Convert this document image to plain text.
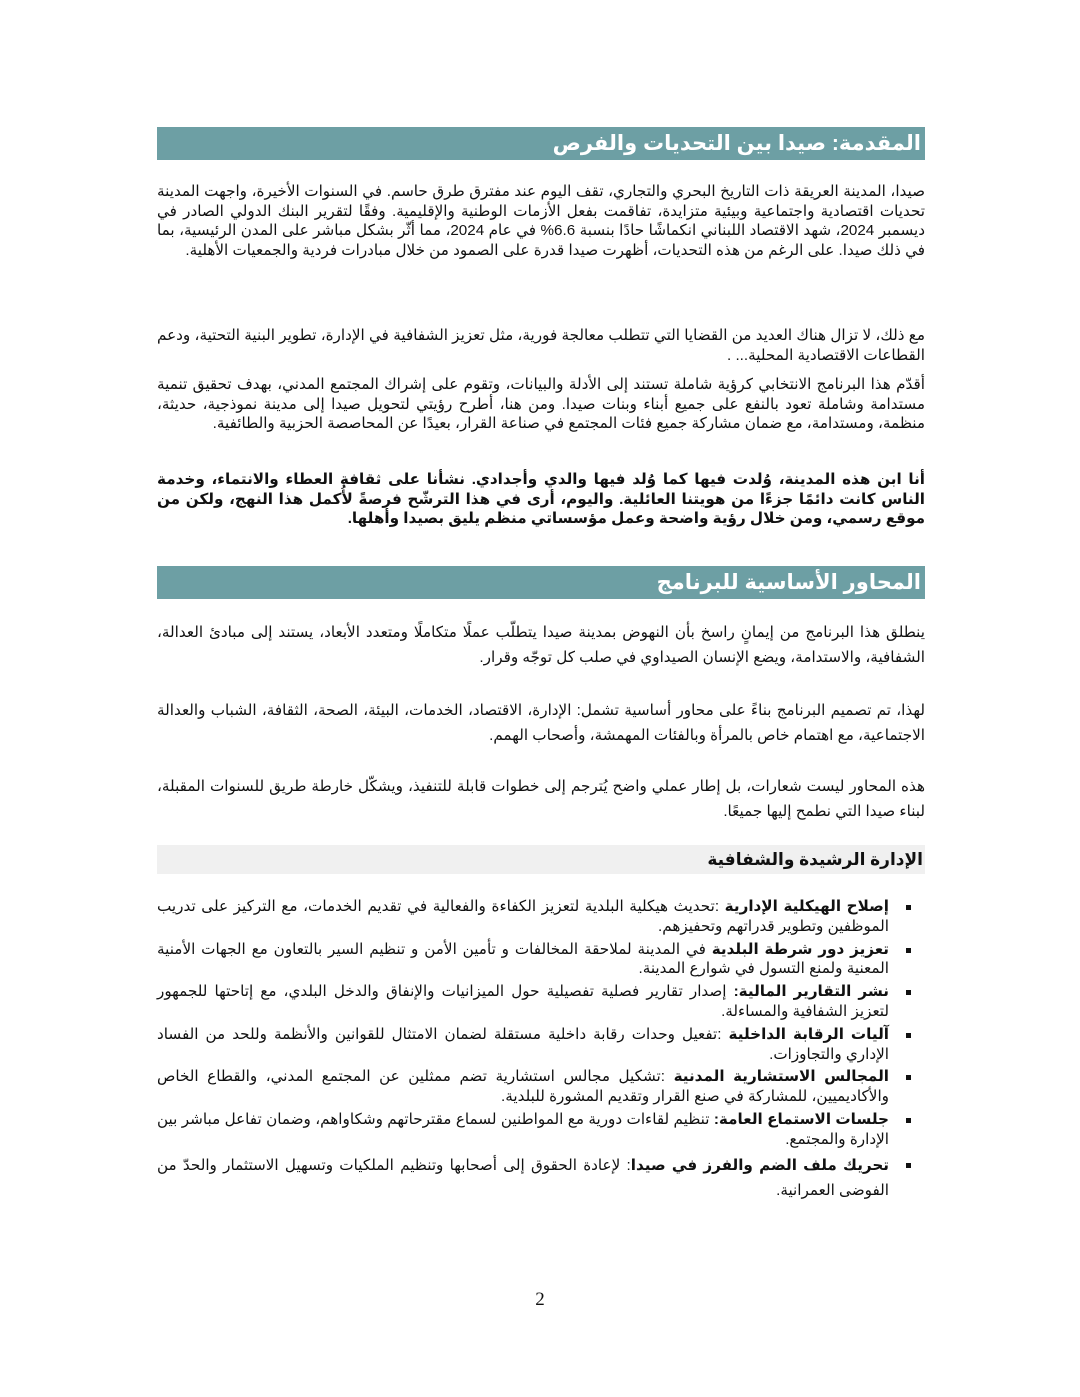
المقدمة: صيدا بين التحديات والفرص

صيدا، المدينة العريقة ذات التاريخ البحري والتجاري، تقف اليوم عند مفترق طرق حاسم. في السنوات الأخيرة، واجهت المدينة تحديات اقتصادية واجتماعية وبيئية متزايدة، تفاقمت بفعل الأزمات الوطنية والإقليمية. وفقًا لتقرير البنك الدولي الصادر في ديسمبر 2024، شهد الاقتصاد اللبناني انكماشًا حادًا بنسبة 6.6% في عام 2024، مما أثّر بشكل مباشر على المدن الرئيسية، بما في ذلك صيدا. على الرغم من هذه التحديات، أظهرت صيدا قدرة على الصمود من خلال مبادرات فردية والجمعيات الأهلية.

مع ذلك، لا تزال هناك العديد من القضايا التي تتطلب معالجة فورية، مثل تعزيز الشفافية في الإدارة، تطوير البنية التحتية، ودعم القطاعات الاقتصادية المحلية... .

أقدّم هذا البرنامج الانتخابي كرؤية شاملة تستند إلى الأدلة والبيانات، وتقوم على إشراك المجتمع المدني، بهدف تحقيق تنمية مستدامة وشاملة تعود بالنفع على جميع أبناء وبنات صيدا. ومن هنا، أطرح رؤيتي لتحويل صيدا إلى مدينة نموذجية، حديثة، منظمة، ومستدامة، مع ضمان مشاركة جميع فئات المجتمع في صناعة القرار، بعيدًا عن المحاصصة الحزبية والطائفية.

أنا ابن هذه المدينة، وُلدت فيها كما وُلد فيها والدي وأجدادي. نشأنا على ثقافة العطاء والانتماء، وخدمة الناس كانت دائمًا جزءًا من هويتنا العائلية. واليوم، أرى في هذا الترشّح فرصةً لأُكمل هذا النهج، ولكن من موقع رسمي، ومن خلال رؤية واضحة وعمل مؤسساتي منظم يليق بصيدا وأهلها.

المحاور الأساسية للبرنامج

ينطلق هذا البرنامج من إيمانٍ راسخ بأن النهوض بمدينة صيدا يتطلّب عملًا متكاملًا ومتعدد الأبعاد، يستند إلى مبادئ العدالة، الشفافية، والاستدامة، ويضع الإنسان الصيداوي في صلب كل توجّه وقرار.

لهذا، تم تصميم البرنامج بناءً على محاور أساسية تشمل: الإدارة، الاقتصاد، الخدمات، البيئة، الصحة، الثقافة، الشباب والعدالة الاجتماعية، مع اهتمام خاص بالمرأة وبالفئات المهمشة، وأصحاب الهمم.

هذه المحاور ليست شعارات، بل إطار عملي واضح يُترجم إلى خطوات قابلة للتنفيذ، ويشكّل خارطة طريق للسنوات المقبلة، لبناء صيدا التي نطمح إليها جميعًا.

الإدارة الرشيدة والشفافية
إصلاح الهيكلية الإدارية :تحديث هيكلية البلدية لتعزيز الكفاءة والفعالية في تقديم الخدمات، مع التركيز على تدريب الموظفين وتطوير قدراتهم وتحفيزهم.
تعزيز دور شرطة البلدية في المدينة لملاحقة المخالفات و تأمين الأمن و تنظيم السير بالتعاون مع الجهات الأمنية المعنية ولمنع التسول في شوارع المدينة.
نشر التقارير المالية: إصدار تقارير فصلية تفصيلية حول الميزانيات والإنفاق والدخل البلدي، مع إتاحتها للجمهور لتعزيز الشفافية والمساءلة.
آليات الرقابة الداخلية :تفعيل وحدات رقابة داخلية مستقلة لضمان الامتثال للقوانين والأنظمة وللحد من الفساد الإداري والتجاوزات.
المجالس الاستشارية المدنية :تشكيل مجالس استشارية تضم ممثلين عن المجتمع المدني، والقطاع الخاص والأكاديميين، للمشاركة في صنع القرار وتقديم المشورة للبلدية.
جلسات الاستماع العامة: تنظيم لقاءات دورية مع المواطنين لسماع مقترحاتهم وشكاواهم، وضمان تفاعل مباشر بين الإدارة والمجتمع.
تحريك ملف الضم والفرز في صيدا: لإعادة الحقوق إلى أصحابها وتنظيم الملكيات وتسهيل الاستثمار والحدّ من الفوضى العمرانية.
2
